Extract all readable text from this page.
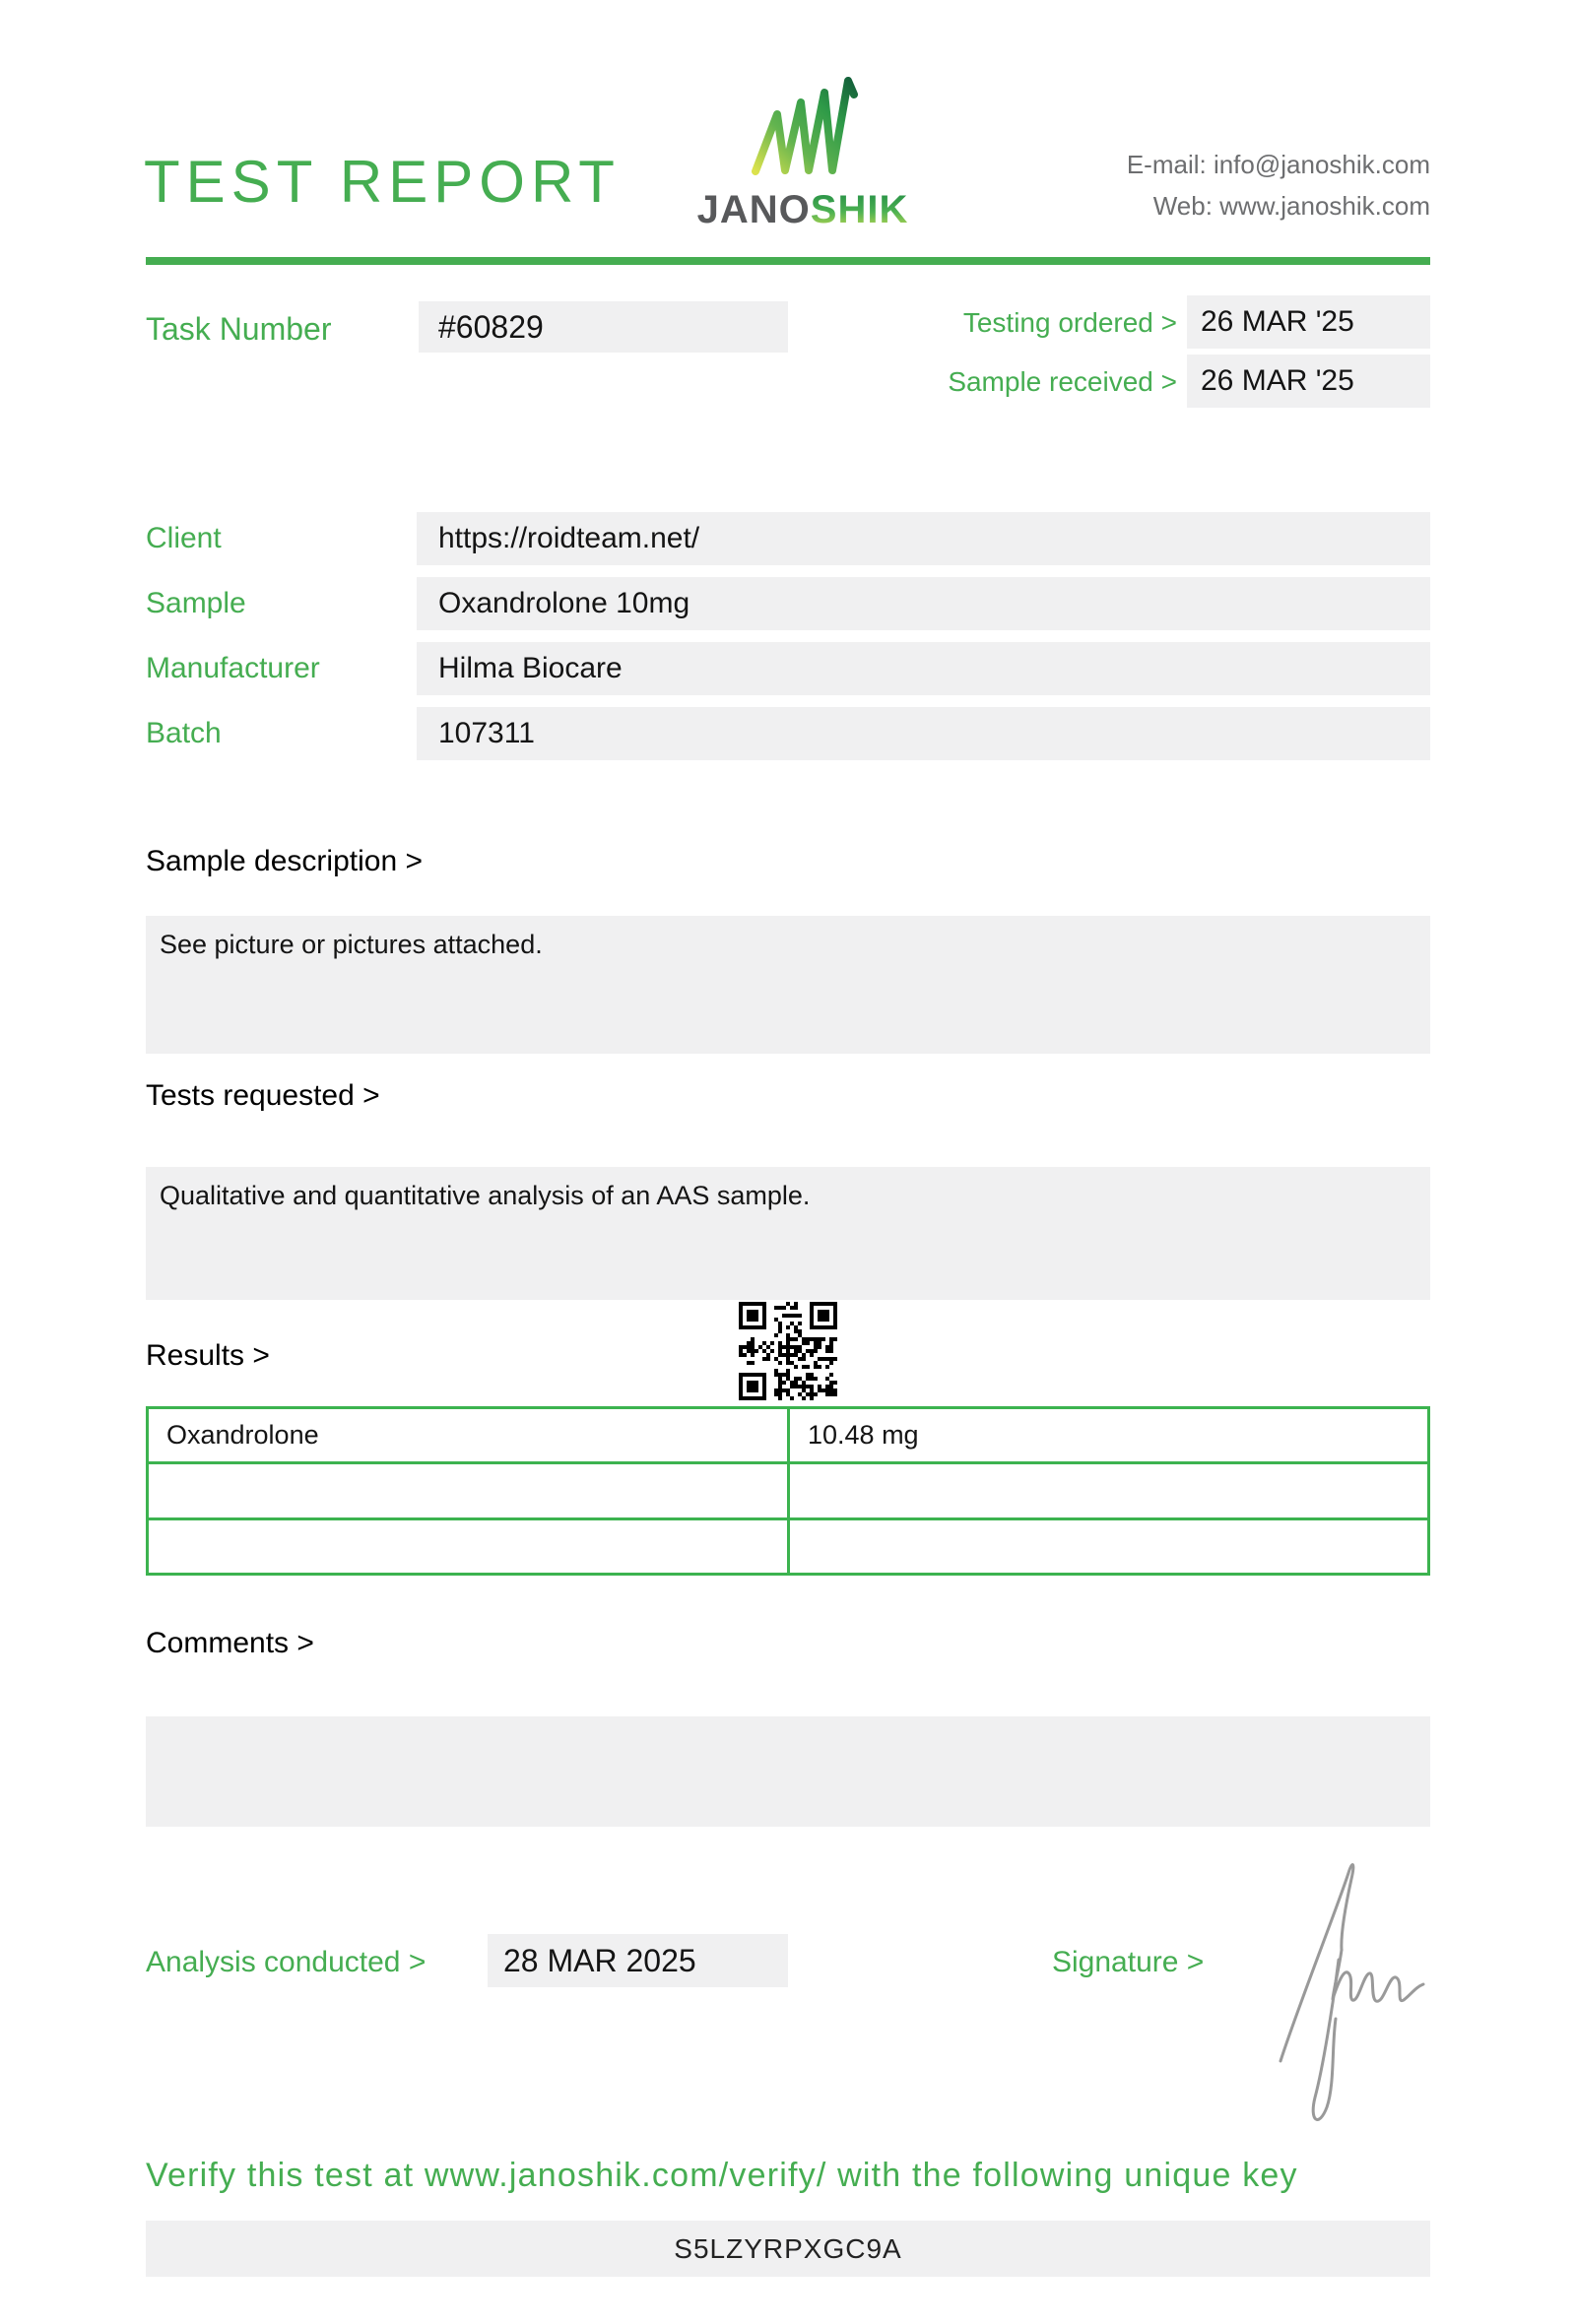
TEST REPORT	JANOSHIK
E-mail: info@janoshik.com
Web: www.janoshik.com
Task Number	#60829	Testing ordered > 26 MAR '25
Sample received > 26 MAR '25
Client	https://roidteam.net/
Sample	Oxandrolone 10mg
Manufacturer	Hilma Biocare
Batch	107311
Sample description >
See picture or pictures attached.
Tests requested >
Qualitative and quantitative analysis of an AAS sample.
Results >
Oxandrolone	10.48 mg
Comments >
Analysis conducted >	28 MAR 2025	Signature >
Verify this test at www.janoshik.com/verify/ with the following unique key
S5LZYRPXGC9A
